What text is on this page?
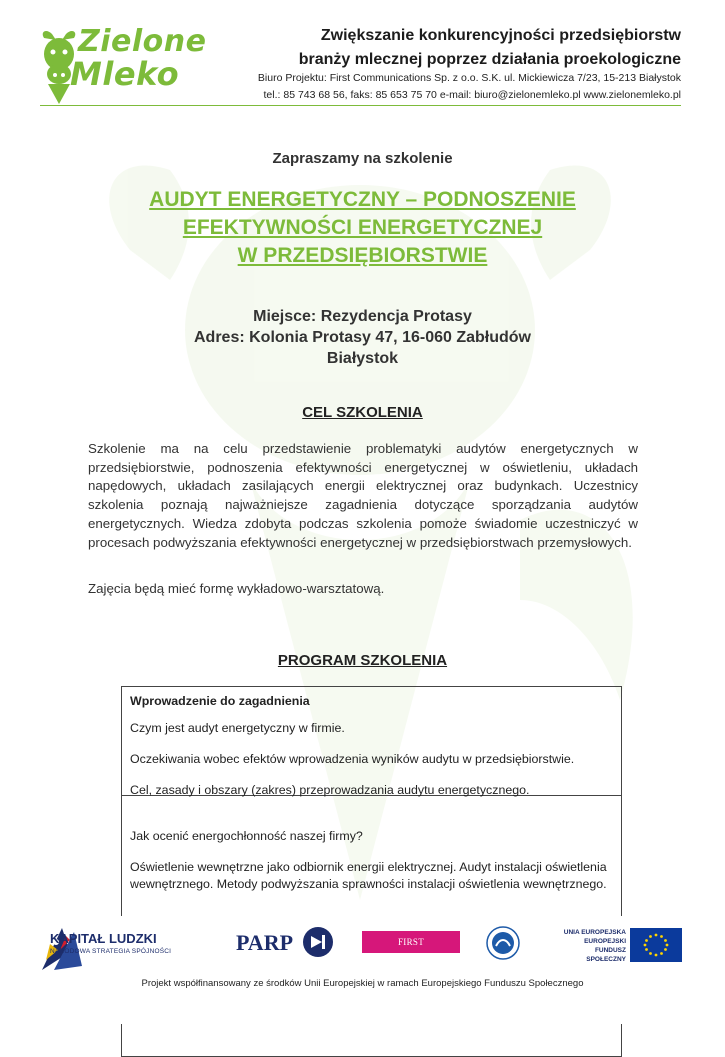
Zielone
Mleko
Zwiększanie konkurencyjności przedsiębiorstw
branży mlecznej poprzez działania proekologiczne
Biuro Projektu: First Communications Sp. z o.o. S.K. ul. Mickiewicza 7/23, 15-213 Białystok
tel.: 85 743 68 56, faks: 85 653 75 70 e-mail: biuro@zielonemleko.pl www.zielonemleko.pl
Zapraszamy na szkolenie
AUDYT ENERGETYCZNY – PODNOSZENIE
EFEKTYWNOŚCI ENERGETYCZNEJ
W PRZEDSIĘBIORSTWIE
Miejsce: Rezydencja Protasy
Adres: Kolonia Protasy 47, 16-060 Zabłudów
Białystok
CEL SZKOLENIA
Szkolenie ma na celu przedstawienie problematyki audytów energetycznych w przedsiębiorstwie, podnoszenia efektywności energetycznej w oświetleniu, układach napędowych, układach zasilających energii elektrycznej oraz budynkach. Uczestnicy szkolenia poznają najważniejsze zagadnienia dotyczące sporządzania audytów energetycznych. Wiedza zdobyta podczas szkolenia pomoże świadomie uczestniczyć w procesach podwyższania efektywności energetycznej w przedsiębiorstwach przemysłowych.
Zajęcia będą mieć formę wykładowo-warsztatową.
PROGRAM SZKOLENIA

Wprowadzenie do zagadnienia

Czym jest audyt energetyczny w firmie.

Oczekiwania wobec efektów wprowadzenia wyników audytu w przedsiębiorstwie.

Cel, zasady i obszary (zakres) przeprowadzania audytu energetycznego.

Jak ocenić energochłonność naszej firmy?

Oświetlenie wewnętrzne jako odbiornik energii elektrycznej. Audyt instalacji oświetlenia wewnętrznego. Metody podwyższania sprawności instalacji oświetlenia wewnętrznego.

KAPITAŁ LUDZKI
NARODOWA STRATEGIA SPÓJNOŚCI	PARP	FIRST COMMUNICATIONS
UNIA EUROPEJSKA
EUROPEJSKI
FUNDUSZ SPOŁECZNY
Projekt współfinansowany ze środków Unii Europejskiej w ramach Europejskiego Funduszu Społecznego
